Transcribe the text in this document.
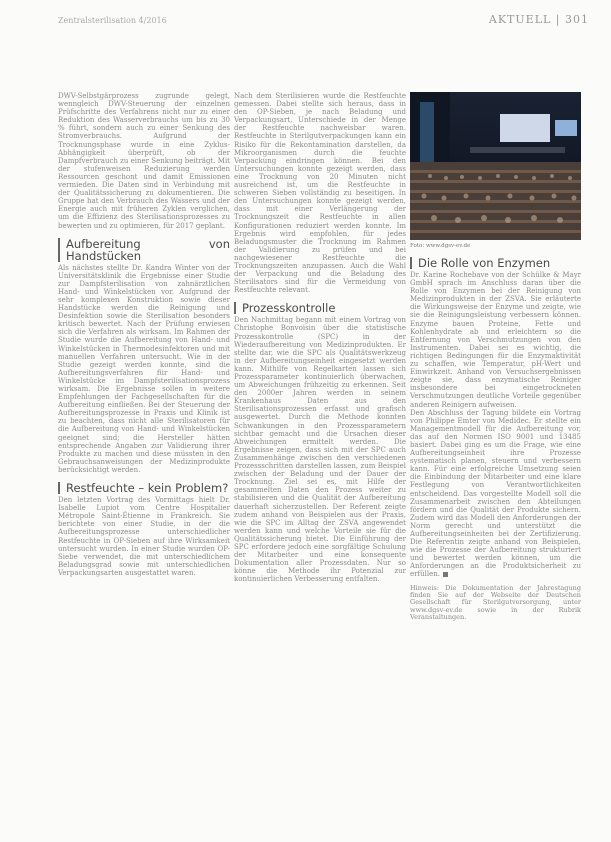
Zentralsterilisation 4/2016	AKTUELL | 301

DWV-Selbstgärprozess zugrunde gelegt, wenngleich DWV-Steuerung der einzelnen Prüfschritte des Verfahrens nicht nur zu einer Reduktion des Wasserverbrauchs um bis zu 30 % führt, sondern auch zu einer Senkung des Stromverbrauchs. Aufgrund der Trocknungsphase wurde in eine Zyklus-Abhängigkeit überprüft, ob der Dampfverbrauch zu einer Senkung beiträgt. Mit der stufenweisen Reduzierung werden Ressourcen geschont und damit Emissionen vermieden. Die Daten sind in Verbindung mit der Qualitätssicherung zu dokumentieren. Die Gruppe hat den Verbrauch des Wassers und der Energie auch mit früheren Zyklen verglichen, um die Effizienz des Sterilisationsprozesses zu bewerten und zu optimieren, für 2017 geplant.

Aufbereitung von Handstücken

Als nächstes stellte Dr. Kandra Winter von der Universitätsklinik die Ergebnisse einer Studie zur Dampfsterilisation von zahnärztlichen Hand- und Winkelstücken vor. Aufgrund der sehr komplexen Konstruktion sowie dieser Handstücke werden die Reinigung und Desinfektion sowie die Sterilisation besonders kritisch bewertet. Nach der Prüfung erwiesen sich die Verfahren als wirksam. Im Rahmen der Studie wurde die Aufbereitung von Hand- und Winkelstücken in Thermodesinfektoren und mit manuellen Verfahren untersucht. Wie in der Studie gezeigt werden konnte, sind die Aufbereitungsverfahren für Hand- und Winkelstücke im Dampfsterilisationsprozess wirksam. Die Ergebnisse sollen in weitere Empfehlungen der Fachgesellschaften für die Aufbereitung einfließen. Bei der Steuerung der Aufbereitungsprozesse in Praxis und Klinik ist zu beachten, dass nicht alle Sterilisatoren für die Aufbereitung von Hand- und Winkelstücken geeignet sind; die Hersteller hätten entsprechende Angaben zur Validierung ihrer Produkte zu machen und diese müssten in den Gebrauchsanweisungen der Medizinprodukte berücksichtigt werden.

Restfeuchte – kein Problem?

Den letzten Vortrag des Vormittags hielt Dr. Isabelle Lupiot vom Centre Hospitalier Métropole Saint-Étienne in Frankreich. Sie berichtete von einer Studie, in der die Aufbereitungsprozesse unterschiedlicher Restfeuchte in OP-Sieben auf ihre Wirksamkeit untersucht wurden. In einer Studie wurden OP-Siebe verwendet, die mit unterschiedlichem Beladungsgrad sowie mit unterschiedlichen Verpackungsarten ausgestattet waren.

Nach dem Sterilisieren wurde die Restfeuchte gemessen. Dabei stellte sich heraus, dass in den OP-Sieben, je nach Beladung und Verpackungsart, Unterschiede in der Menge der Restfeuchte nachweisbar waren. Restfeuchte in Sterilgutverpackungen kann ein Risiko für die Rekontamination darstellen, da Mikroorganismen durch die feuchte Verpackung eindringen können. Bei den Untersuchungen konnte gezeigt werden, dass eine Trocknung von 20 Minuten nicht ausreichend ist, um die Restfeuchte in schweren Sieben vollständig zu beseitigen. In den Untersuchungen konnte gezeigt werden, dass mit einer Verlängerung der Trocknungszeit die Restfeuchte in allen Konfigurationen reduziert werden konnte. Im Ergebnis wird empfohlen, für jedes Beladungsmuster die Trocknung im Rahmen der Validierung zu prüfen und bei nachgewiesener Restfeuchte die Trocknungszeiten anzupassen. Auch die Wahl der Verpackung und die Beladung des Sterilisators sind für die Vermeidung von Restfeuchte relevant.

Prozesskontrolle

Den Nachmittag begann mit einem Vortrag von Christophe Bonvoisin über die statistische Prozesskontrolle (SPC) in der Wiederaufbereitung von Medizinprodukten. Er stellte dar, wie die SPC als Qualitätswerkzeug in der Aufbereitungseinheit eingesetzt werden kann. Mithilfe von Regelkarten lassen sich Prozessparameter kontinuierlich überwachen, um Abweichungen frühzeitig zu erkennen. Seit den 2000er Jahren werden in seinem Krankenhaus Daten aus den Sterilisationsprozessen erfasst und grafisch ausgewertet. Durch die Methode konnten Schwankungen in den Prozessparametern sichtbar gemacht und die Ursachen dieser Abweichungen ermittelt werden. Die Ergebnisse zeigen, dass sich mit der SPC auch Zusammenhänge zwischen den verschiedenen Prozessschritten darstellen lassen, zum Beispiel zwischen der Beladung und der Dauer der Trocknung. Ziel sei es, mit Hilfe der gesammelten Daten den Prozess weiter zu stabilisieren und die Qualität der Aufbereitung dauerhaft sicherzustellen. Der Referent zeigte zudem anhand von Beispielen aus der Praxis, wie die SPC im Alltag der ZSVA angewendet werden kann und welche Vorteile sie für die Qualitätssicherung bietet. Die Einführung der SPC erfordere jedoch eine sorgfältige Schulung der Mitarbeiter und eine konsequente Dokumentation aller Prozessdaten. Nur so könne die Methode ihr Potenzial zur kontinuierlichen Verbesserung entfalten.

Foto: www.dgsv-ev.de
Die Rolle von Enzymen

Dr. Karine Rochebave von der Schülke & Mayr GmbH sprach im Anschluss daran über die Rolle von Enzymen bei der Reinigung von Medizinprodukten in der ZSVA. Sie erläuterte die Wirkungsweise der Enzyme und zeigte, wie sie die Reinigungsleistung verbessern können. Enzyme bauen Proteine, Fette und Kohlenhydrate ab und erleichtern so die Entfernung von Verschmutzungen von den Instrumenten. Dabei sei es wichtig, die richtigen Bedingungen für die Enzymaktivität zu schaffen, wie Temperatur, pH-Wert und Einwirkzeit. Anhand von Versuchsergebnissen zeigte sie, dass enzymatische Reiniger insbesondere bei eingetrockneten Verschmutzungen deutliche Vorteile gegenüber anderen Reinigern aufweisen.

Den Abschluss der Tagung bildete ein Vortrag von Philippe Emter von Medidec. Er stellte ein Managementmodell für die Aufbereitung vor, das auf den Normen ISO 9001 und 13485 basiert. Dabei ging es um die Frage, wie eine Aufbereitungseinheit ihre Prozesse systematisch planen, steuern und verbessern kann. Für eine erfolgreiche Umsetzung seien die Einbindung der Mitarbeiter und eine klare Festlegung von Verantwortlichkeiten entscheidend. Das vorgestellte Modell soll die Zusammenarbeit zwischen den Abteilungen fördern und die Qualität der Produkte sichern. Zudem wird das Modell den Anforderungen der Norm gerecht und unterstützt die Aufbereitungseinheiten bei der Zertifizierung. Die Referentin zeigte anhand von Beispielen, wie die Prozesse der Aufbereitung strukturiert und bewertet werden können, um die Anforderungen an die Produktsicherheit zu erfüllen.

Hinweis: Die Dokumentation der Jahrestagung finden Sie auf der Webseite der Deutschen Gesellschaft für Sterilgutversorgung, unter www.dgsv-ev.de sowie in der Rubrik Veranstaltungen.
